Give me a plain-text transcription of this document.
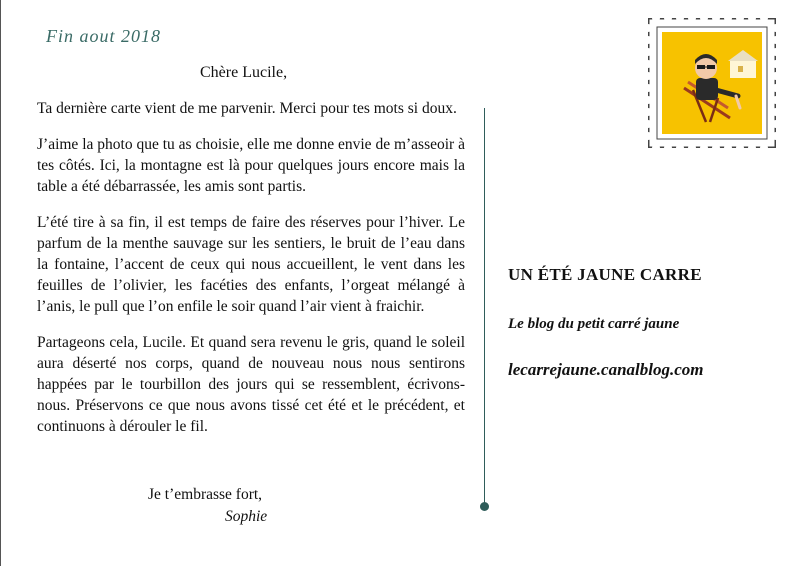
Fin aout 2018
Chère Lucile,

Ta dernière carte vient de me parvenir. Merci pour tes mots si doux.

J’aime la photo que tu as choisie, elle me donne envie de m’asseoir à tes côtés. Ici, la montagne est là pour quelques jours encore mais la table a été débarrassée, les amis sont partis.

L’été tire à sa fin, il est temps de faire des réserves pour l’hiver. Le parfum de la menthe sauvage sur les sentiers, le bruit de l’eau dans la fontaine, l’accent de ceux qui nous accueillent, le vent dans les feuilles de l’olivier, les facéties des enfants, l’orgeat mélangé à l’anis, le pull que l’on enfile le soir quand l’air vient à fraichir.

Partageons cela, Lucile. Et quand sera revenu le gris, quand le soleil aura déserté nos corps, quand de nouveau nous nous sentirons happées par le tourbillon des jours qui se ressemblent, écrivons-nous. Préservons ce que nous avons tissé cet été et le précédent, et continuons à dérouler le fil.

Je t’embrasse fort,
Sophie
UN ÉTÉ JAUNE CARRE
Le blog du petit carré jaune
lecarrejaune.canalblog.com
